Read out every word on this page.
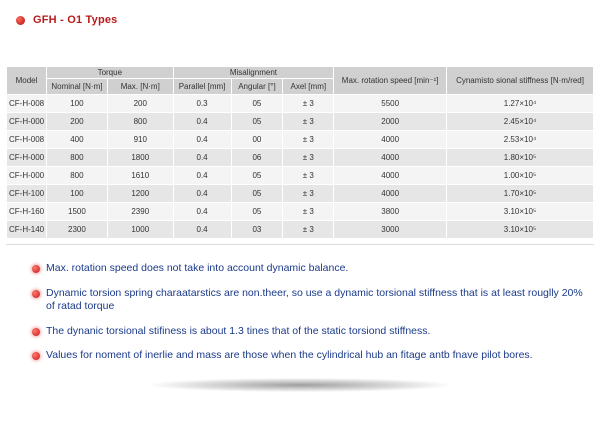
GFH - O1 Types
Model	Torque		Misalignment			Max. rotation speed [min⁻¹]	Cynamisto sional stiffness [N·m/red]
	Nominal [N·m]	Max. [N·m]	Parallel [mm]	Angular [°]	Axel [mm]		
CF-H-008	100	200	0.3	05	± 3	5500	1.27×10⁴
CF-H-000	200	800	0.4	05	± 3	2000	2.45×10⁴
CF-H-008	400	910	0.4	00	± 3	4000	2.53×10⁴
CF-H-000	800	1800	0.4	06	± 3	4000	1.80×10⁵
CF-H-000	800	1610	0.4	05	± 3	4000	1.00×10⁵
CF-H-100	100	1200	0.4	05	± 3	4000	1.70×10⁵
CF-H-160	1500	2390	0.4	05	± 3	3800	3.10×10⁵
CF-H-140	2300	1000	0.4	03	± 3	3000	3.10×10⁵
Max. rotation speed does not take into account dynamic balance.
Dynamic torsion spring charaatarstics are non.theer, so use a dynamic torsional stiffness that is at least rouglly 20% of ratad torque
The dynanic torsional stifiness is about 1.3 tines that of the static torsiond stiffness.
Values for noment of inerlie and mass are those when the cylindrical hub an fitage antb fnave pilot bores.
